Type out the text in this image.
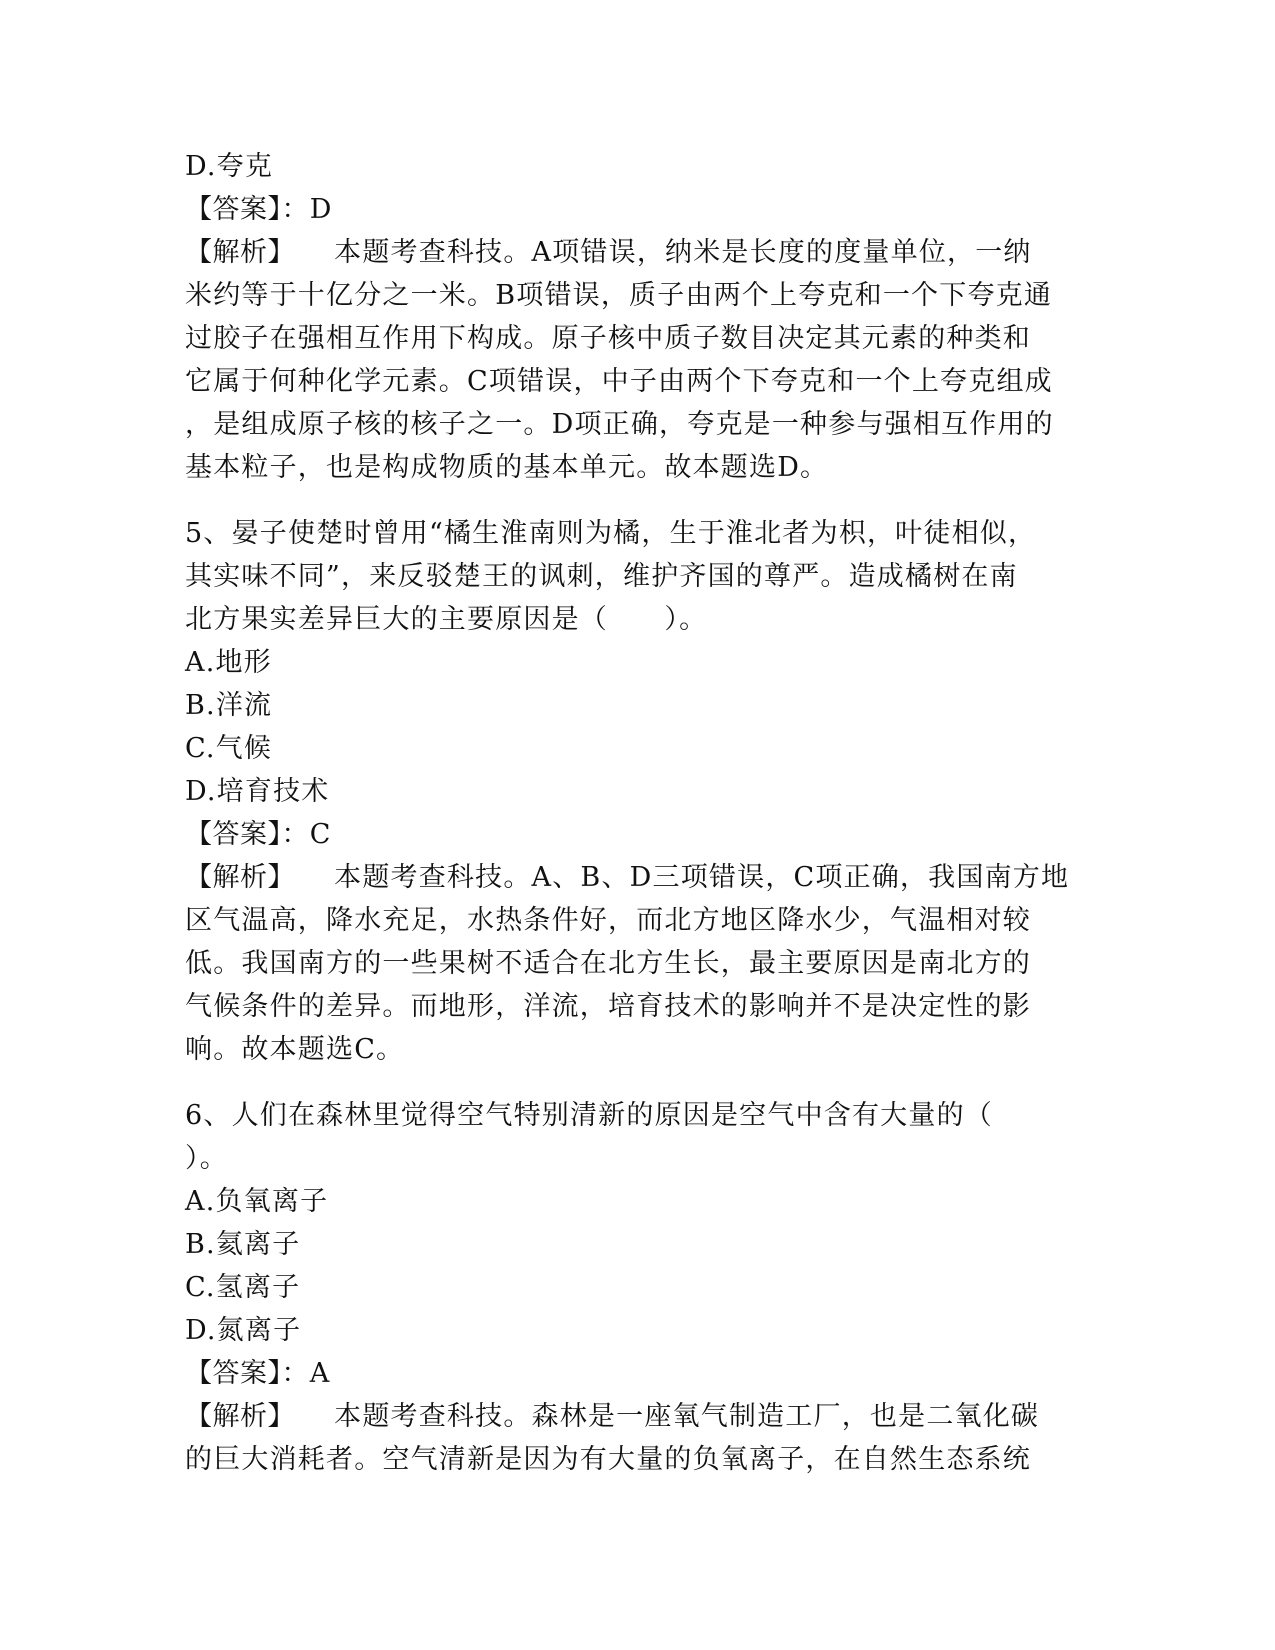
D.夸克
【答案】：D
【解析】    本题考查科技。A项错误，纳米是长度的度量单位，一纳
米约等于十亿分之一米。B项错误，质子由两个上夸克和一个下夸克通
过胶子在强相互作用下构成。原子核中质子数目决定其元素的种类和
它属于何种化学元素。C项错误，中子由两个下夸克和一个上夸克组成
，是组成原子核的核子之一。D项正确，夸克是一种参与强相互作用的
基本粒子，也是构成物质的基本单元。故本题选D。
5、晏子使楚时曾用“橘生淮南则为橘，生于淮北者为枳，叶徒相似，
其实味不同”，来反驳楚王的讽刺，维护齐国的尊严。造成橘树在南
北方果实差异巨大的主要原因是（　　）。
A.地形
B.洋流
C.气候
D.培育技术
【答案】：C
【解析】    本题考查科技。A、B、D三项错误，C项正确，我国南方地
区气温高，降水充足，水热条件好，而北方地区降水少，气温相对较
低。我国南方的一些果树不适合在北方生长，最主要原因是南北方的
气候条件的差异。而地形，洋流，培育技术的影响并不是决定性的影
响。故本题选C。
6、人们在森林里觉得空气特别清新的原因是空气中含有大量的（
）。
A.负氧离子
B.氦离子
C.氢离子
D.氮离子
【答案】：A
【解析】    本题考查科技。森林是一座氧气制造工厂，也是二氧化碳
的巨大消耗者。空气清新是因为有大量的负氧离子，在自然生态系统
